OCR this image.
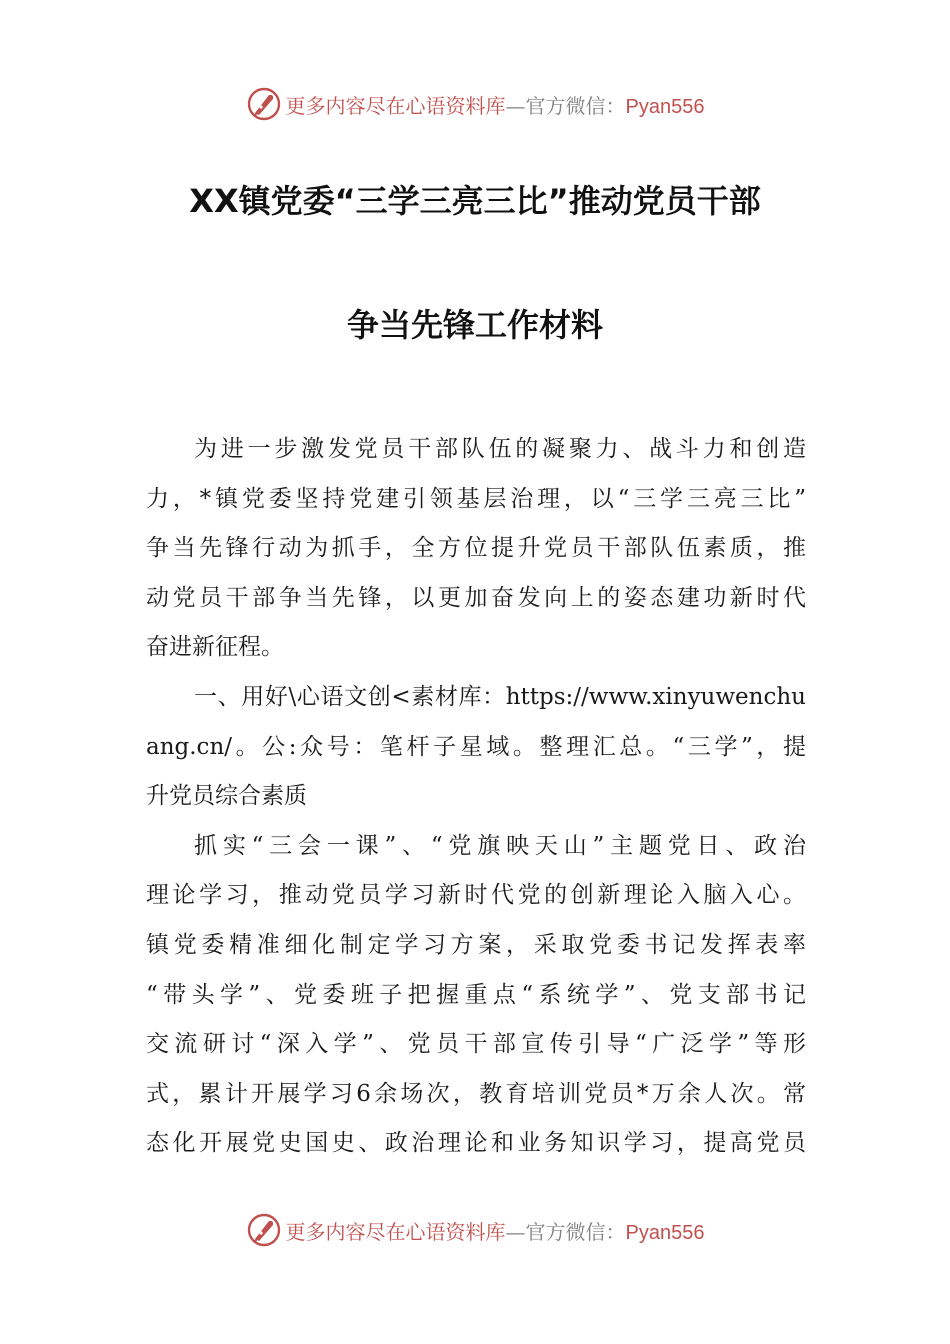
更多内容尽在心语资料库—官方微信：Pyan556
XX镇党委“三学三亮三比”推动党员干部
争当先锋工作材料
为进一步激发党员干部队伍的凝聚力、战斗力和创造
力，*镇党委坚持党建引领基层治理，以“三学三亮三比”
争当先锋行动为抓手，全方位提升党员干部队伍素质，推
动党员干部争当先锋，以更加奋发向上的姿态建功新时代
奋进新征程。
一、用好\心语文创<素材库：https://www.xinyuwenchu
ang.cn/。公:众号：笔杆子星域。整理汇总。“三学”，提
升党员综合素质
抓实“三会一课”、“党旗映天山”主题党日、政治
理论学习，推动党员学习新时代党的创新理论入脑入心。
镇党委精准细化制定学习方案，采取党委书记发挥表率
“带头学”、党委班子把握重点“系统学”、党支部书记
交流研讨“深入学”、党员干部宣传引导“广泛学”等形
式，累计开展学习6余场次，教育培训党员*万余人次。常
态化开展党史国史、政治理论和业务知识学习，提高党员
更多内容尽在心语资料库—官方微信：Pyan556
